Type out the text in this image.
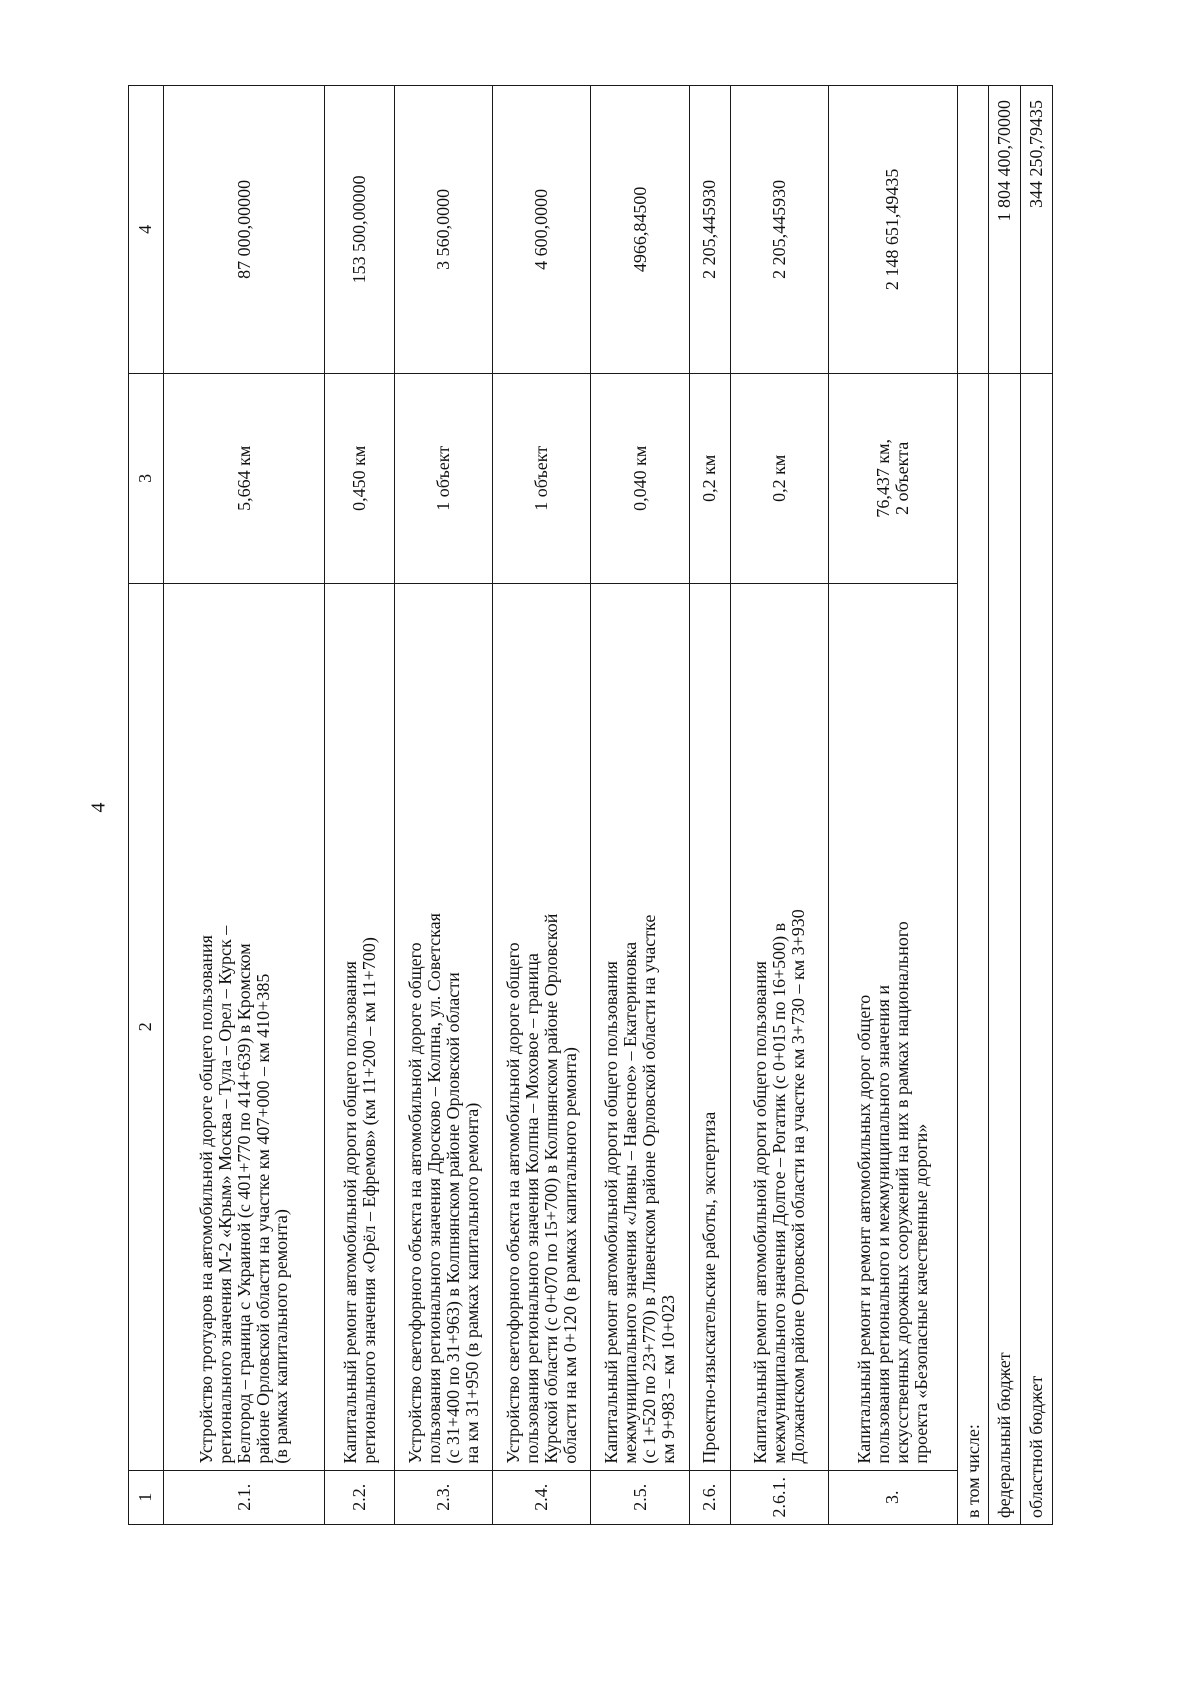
4
1	2	3	4
2.1.	Устройство тротуаров на автомобильной дороге общего пользования
регионального значения М-2 «Крым» Москва – Тула – Орел – Курск –
Белгород – граница с Украиной (с 401+770 по 414+639) в Кромском
районе Орловской области на участке км 407+000 – км 410+385
(в рамках капитального ремонта)	5,664 км	87 000,00000
2.2.	Капитальный ремонт автомобильной дороги общего пользования
регионального значения «Орёл – Ефремов» (км 11+200 – км 11+700)	0,450 км	153 500,00000
2.3.	Устройство светофорного объекта на автомобильной дороге общего
пользования регионального значения Дросково – Колпна, ул. Советская
(с 31+400 по 31+963) в Колпнянском районе Орловской области
на км 31+950 (в рамках капитального ремонта)	1 объект	3 560,0000
2.4.	Устройство светофорного объекта на автомобильной дороге общего
пользования регионального значения Колпна – Моховое – граница
Курской области (с 0+070 по 15+700) в Колпнянском районе Орловской
области на км 0+120 (в рамках капитального ремонта)	1 объект	4 600,0000
2.5.	Капитальный ремонт автомобильной дороги общего пользования
межмуниципального значения «Ливны – Навесное» – Екатериновка
(с 1+520 по 23+770) в Ливенском районе Орловской области на участке
км 9+983 – км 10+023	0,040 км	4966,84500
2.6.	Проектно-изыскательские работы, экспертиза	0,2 км	2 205,445930
2.6.1.	Капитальный ремонт автомобильной дороги общего пользования
межмуниципального значения Долгое – Рогатик (с 0+015 по 16+500) в
Должанском районе Орловской области на участке км 3+730 – км 3+930	0,2 км	2 205,445930
3.	Капитальный ремонт и ремонт автомобильных дорог общего
пользования регионального и межмуниципального значения и
искусственных дорожных сооружений на них в рамках национального
проекта «Безопасные качественные дороги»	76,437 км,
2 объекта	2 148 651,49435
в том числе:			
федеральный бюджет			1 804 400,70000
областной бюджет			344 250,79435
